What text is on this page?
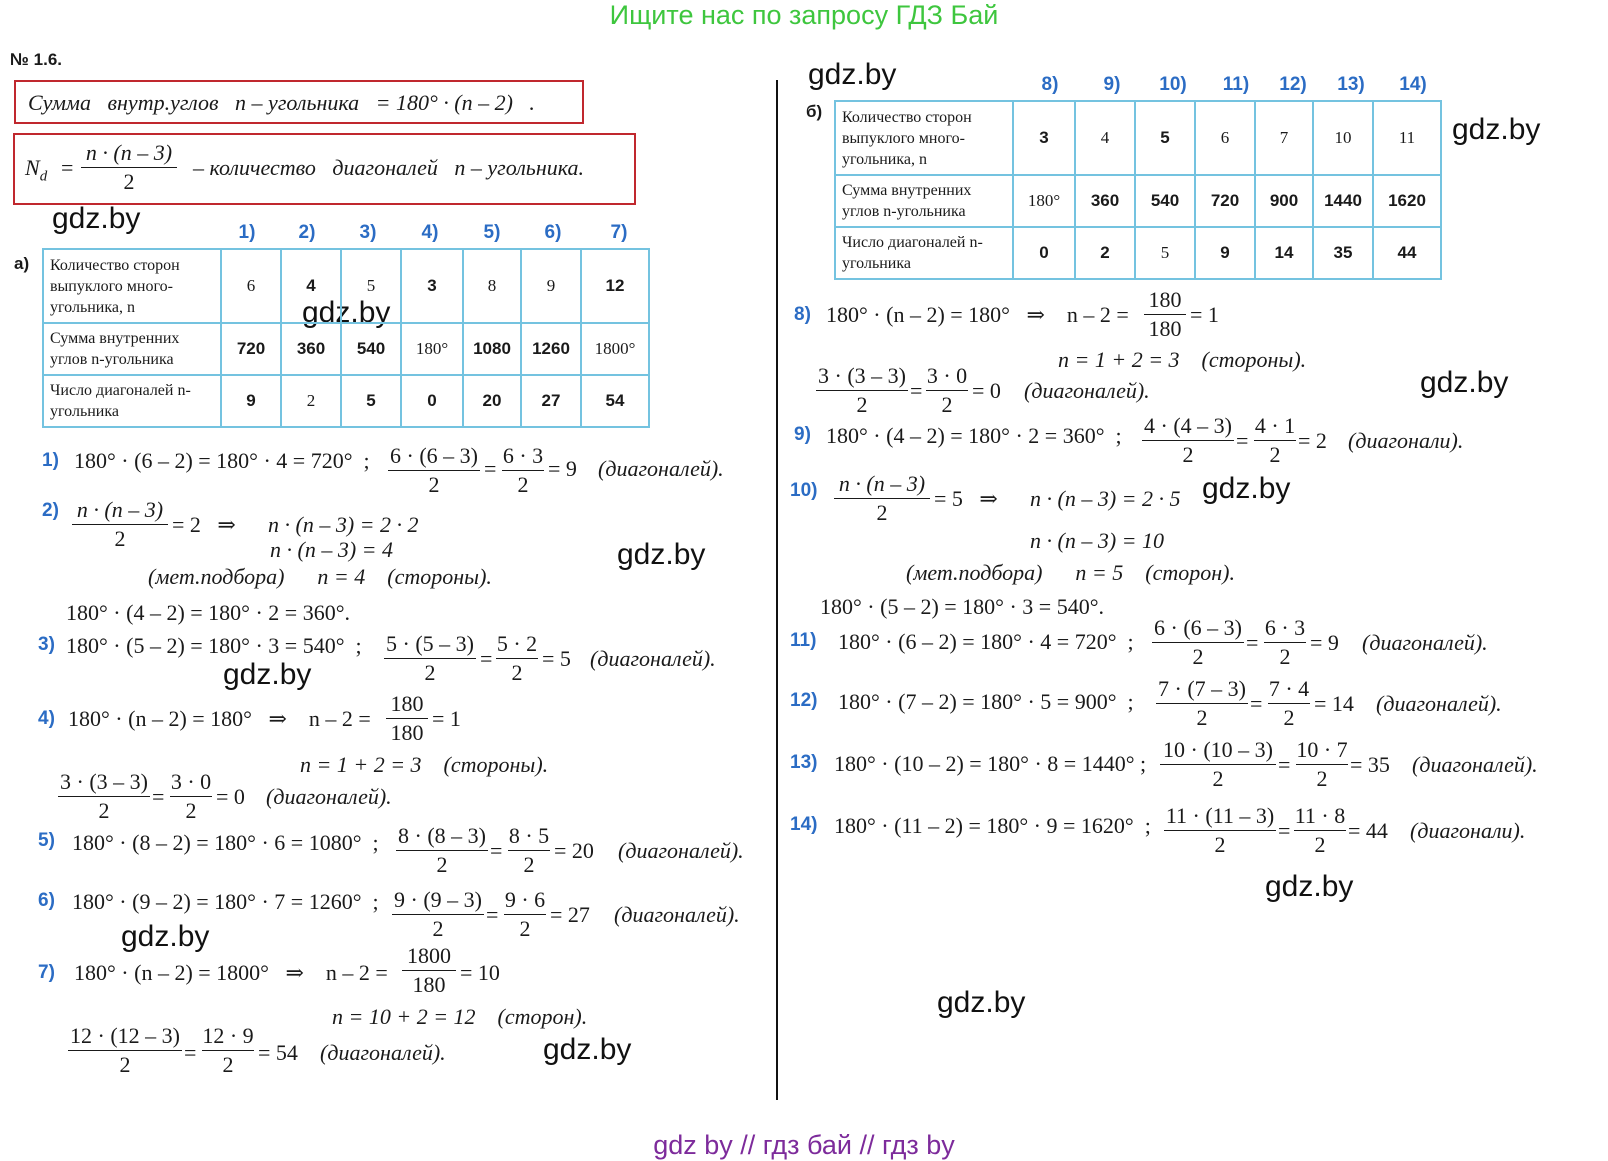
Ищите нас по запросу ГДЗ Бай
gdz by // гдз бай // гдз by
gdz.by
gdz.by
gdz.by
gdz.by
gdz.by
gdz.by
gdz.by
gdz.by
gdz.by
gdz.by
gdz.by
gdz.by
№ 1.6.
Сумма   внутр.углов   n – угольника   = 180° · (n – 2)   .
$N_d$ =
n · (n – 3)
2
– количество   диагоналей   n – угольника.
а)
1)	2)	3)	4)	5)	6)	7)
Количество сторон выпуклого много-угольника, n	6	4	5	3	8	9	12
Сумма внутренних углов n-угольника	720	360	540	180°	1080	1260	1800°
Число диагоналей n-угольника	9	2	5	0	20	27	54
б)
8)	9)	10)	11)	12)	13)	14)
Количество сторон выпуклого много-угольника, n	3	4	5	6	7	10	11
Сумма внутренних углов n-угольника	180°	360	540	720	900	1440	1620
Число диагоналей n-угольника	0	2	5	9	14	35	44
1) 180° · (6 – 2) = 180° · 4 = 720°  ; 6 · (6 – 3)
2
=
6 · 3
2
= 9 (диагоналей).
2) n · (n – 3)
2
= 2   ⇒ n · (n – 3) = 2 · 2
n · (n – 3) = 4
(мет.подбора)      n = 4    (стороны).
180° · (4 – 2) = 180° · 2 = 360°.
3) 180° · (5 – 2) = 180° · 3 = 540°  ; 5 · (5 – 3)
2
=
5 · 2
2
= 5 (диагоналей).
4) 180° · (n – 2) = 180°   ⇒    n – 2 =
180
180
= 1
n = 1 + 2 = 3    (стороны).
3 · (3 – 3)
2
=
3 · 0
2
= 0 (диагоналей).
5) 180° · (8 – 2) = 180° · 6 = 1080°  ; 8 · (8 – 3)
2
=
8 · 5
2
= 20 (диагоналей).
6) 180° · (9 – 2) = 180° · 7 = 1260°  ; 9 · (9 – 3)
2
=
9 · 6
2
= 27 (диагоналей).
7) 180° · (n – 2) = 1800°   ⇒    n – 2 =
1800
180 = 10
n = 10 + 2 = 12    (сторон).
12 · (12 – 3)
2	=
12 · 9
2	= 54 (диагоналей).
8) 180° · (n – 2) = 180°   ⇒    n – 2 =
180
180
= 1
n = 1 + 2 = 3    (стороны).
3 · (3 – 3)
2
=
3 · 0
2
= 0 (диагоналей).
9) 180° · (4 – 2) = 180° · 2 = 360°  ; 4 · (4 – 3)
2
=
4 · 1
2
= 2 (диагонали).
10) n · (n – 3)
2
= 5   ⇒ n · (n – 3) = 2 · 5
n · (n – 3) = 10
(мет.подбора)      n = 5    (сторон).
180° · (5 – 2) = 180° · 3 = 540°.
11) 180° · (6 – 2) = 180° · 4 = 720°  ;
6 · (6 – 3)
2
=
6 · 3
2
= 9 (диагоналей).
12) 180° · (7 – 2) = 180° · 5 = 900°  ;
7 · (7 – 3)
2
=
7 · 4
2
= 14 (диагоналей).
13) 180° · (10 – 2) = 180° · 8 = 1440° ;
10 · (10 – 3)
2
=
10 · 7
2
= 35 (диагоналей).
14) 180° · (11 – 2) = 180° · 9 = 1620°  ; 11 · (11 – 3)
2
=
11 · 8
2
= 44 (диагонали).
